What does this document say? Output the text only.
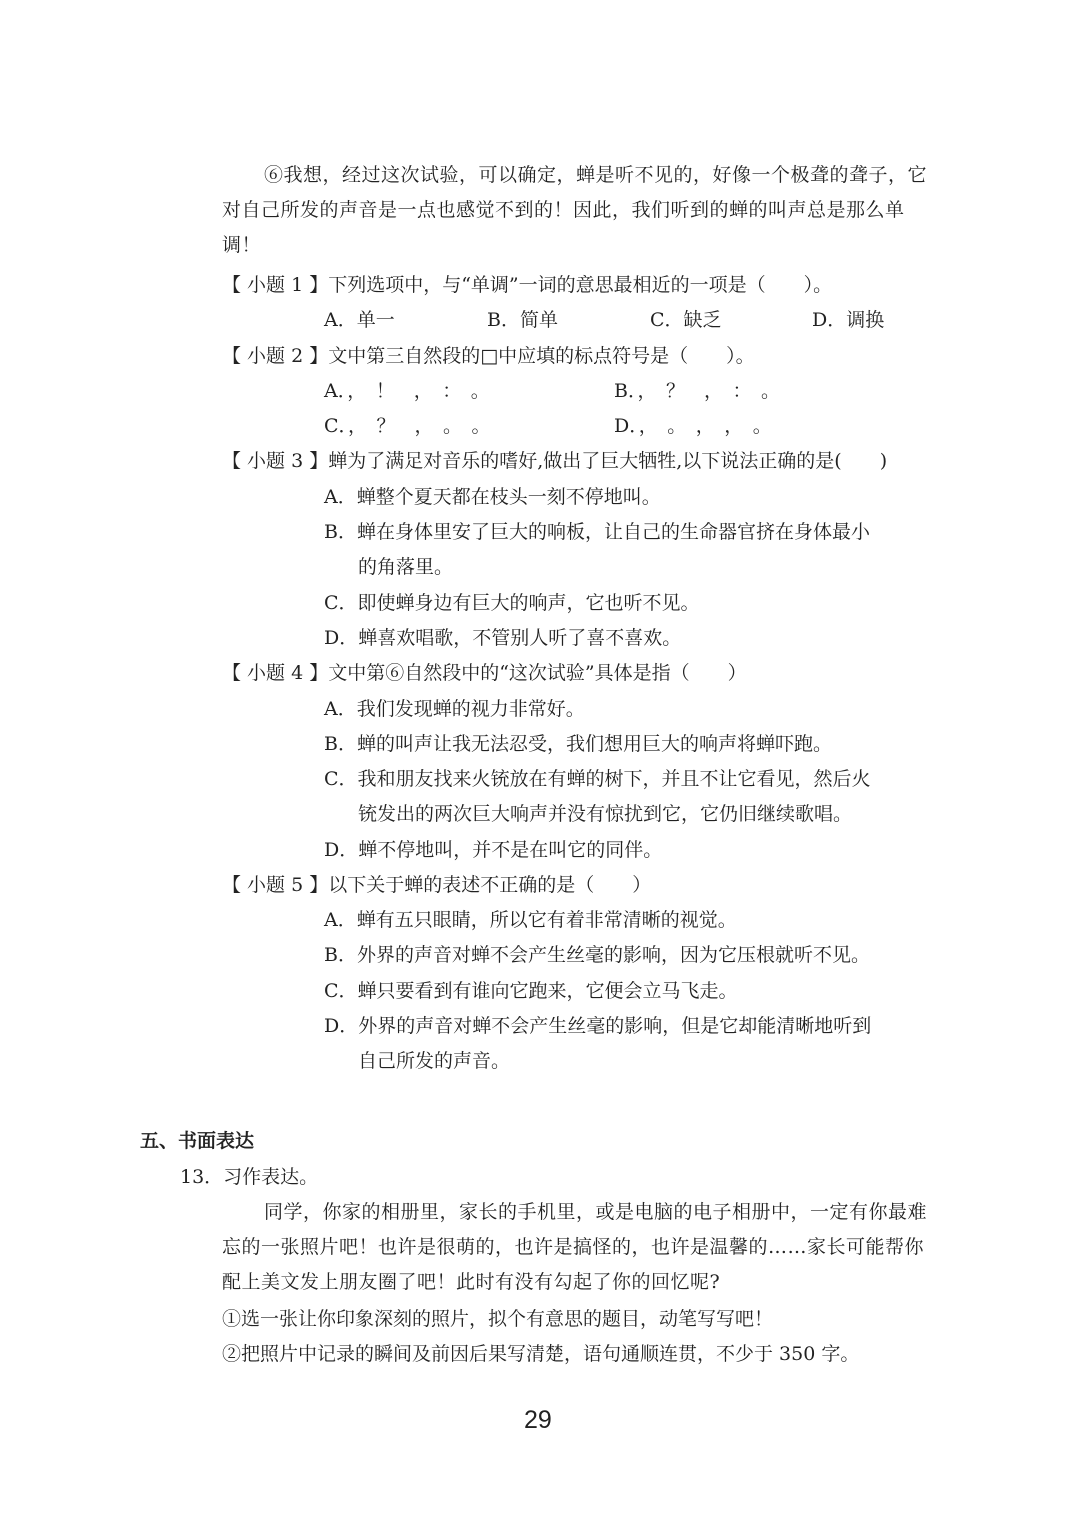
⑥我想，经过这次试验，可以确定，蝉是听不见的，好像一个极聋的聋子，它对自己所发的声音是一点也感觉不到的！因此，我们听到的蝉的叫声总是那么单调！
【 小题 1 】下列选项中，与“单调”一词的意思最相近的一项是（　　）。
A．单一	B．简单	C．缺乏	D．调换
【 小题 2 】文中第三自然段的□中应填的标点符号是（　　）。
A．，　！　，　：　。	B．，　？　，　：　。
C．，　？　，　。　。	D．，　。　，　，　。
【 小题 3 】蝉为了满足对音乐的嗜好,做出了巨大牺牲,以下说法正确的是(　　)
A．蝉整个夏天都在枝头一刻不停地叫。
B．蝉在身体里安了巨大的响板，让自己的生命器官挤在身体最小
的角落里。
C．即使蝉身边有巨大的响声，它也听不见。
D．蝉喜欢唱歌，不管别人听了喜不喜欢。
【 小题 4 】文中第⑥自然段中的“这次试验”具体是指（　　）
A．我们发现蝉的视力非常好。
B．蝉的叫声让我无法忍受，我们想用巨大的响声将蝉吓跑。
C．我和朋友找来火铳放在有蝉的树下，并且不让它看见，然后火
铳发出的两次巨大响声并没有惊扰到它，它仍旧继续歌唱。
D．蝉不停地叫，并不是在叫它的同伴。
【 小题 5 】以下关于蝉的表述不正确的是（　　）
A．蝉有五只眼睛，所以它有着非常清晰的视觉。
B．外界的声音对蝉不会产生丝毫的影响，因为它压根就听不见。
C．蝉只要看到有谁向它跑来，它便会立马飞走。
D．外界的声音对蝉不会产生丝毫的影响，但是它却能清晰地听到
自己所发的声音。
五、书面表达
13．习作表达。
同学，你家的相册里，家长的手机里，或是电脑的电子相册中，一定有你最难忘的一张照片吧！也许是很萌的，也许是搞怪的，也许是温馨的……家长可能帮你配上美文发上朋友圈了吧！此时有没有勾起了你的回忆呢?
①选一张让你印象深刻的照片，拟个有意思的题目，动笔写写吧！
②把照片中记录的瞬间及前因后果写清楚，语句通顺连贯，不少于 350 字。
29
